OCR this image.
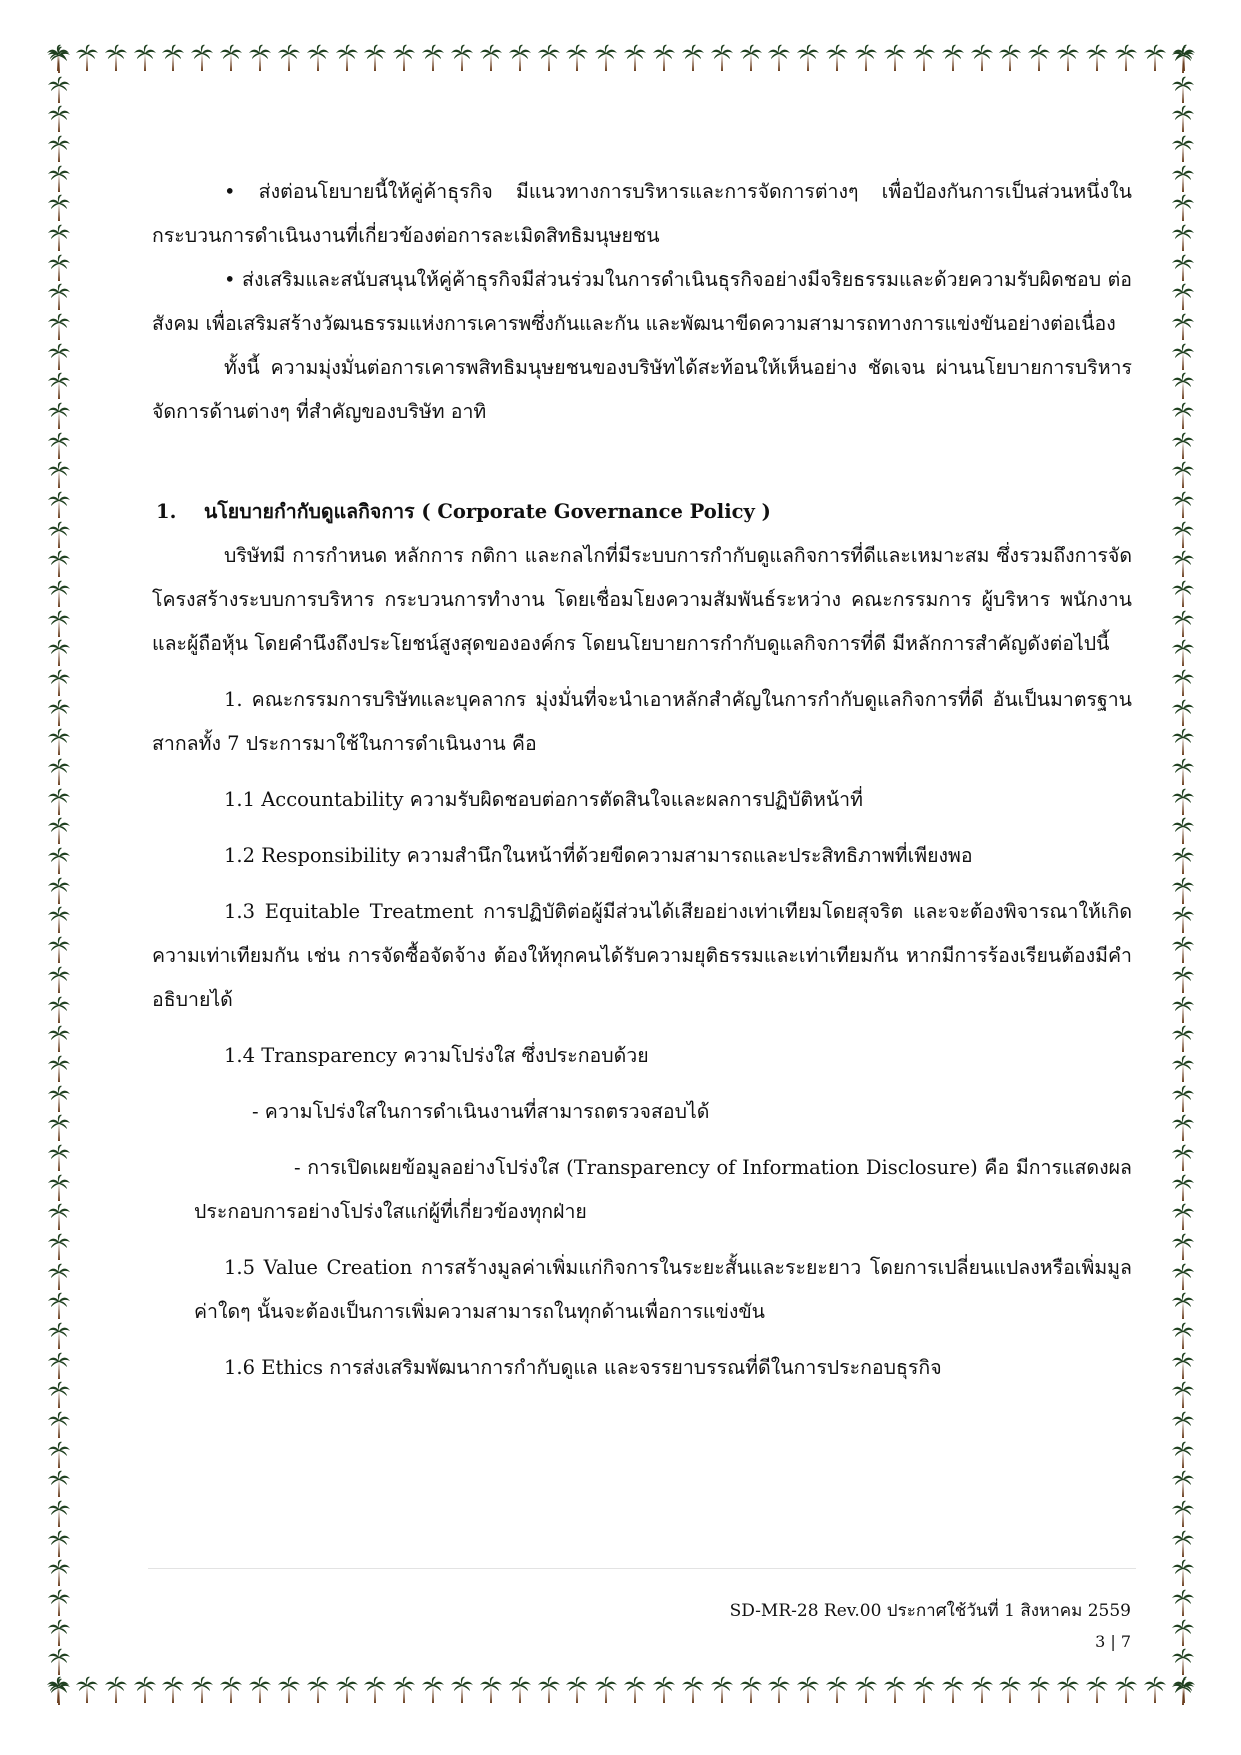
• ส่งต่อนโยบายนี้ให้คู่ค้าธุรกิจ มีแนวทางการบริหารและการจัดการต่างๆ เพื่อป้องกันการเป็นส่วนหนึ่งในกระบวนการดำเนินงานที่เกี่ยวข้องต่อการละเมิดสิทธิมนุษยชน

• ส่งเสริมและสนับสนุนให้คู่ค้าธุรกิจมีส่วนร่วมในการดำเนินธุรกิจอย่างมีจริยธรรมและด้วยความรับผิดชอบ ต่อสังคม เพื่อเสริมสร้างวัฒนธรรมแห่งการเคารพซึ่งกันและกัน และพัฒนาขีดความสามารถทางการแข่งขันอย่างต่อเนื่อง

ทั้งนี้ ความมุ่งมั่นต่อการเคารพสิทธิมนุษยชนของบริษัทได้สะท้อนให้เห็นอย่าง ชัดเจน ผ่านนโยบายการบริหารจัดการด้านต่างๆ ที่สำคัญของบริษัท อาทิ

1. นโยบายกำกับดูแลกิจการ ( Corporate Governance Policy )

บริษัทมี การกำหนด หลักการ กติกา และกลไกที่มีระบบการกำกับดูแลกิจการที่ดีและเหมาะสม ซึ่งรวมถึงการจัดโครงสร้างระบบการบริหาร กระบวนการทำงาน โดยเชื่อมโยงความสัมพันธ์ระหว่าง คณะกรรมการ ผู้บริหาร พนักงาน และผู้ถือหุ้น โดยคำนึงถึงประโยชน์สูงสุดขององค์กร โดยนโยบายการกำกับดูแลกิจการที่ดี มีหลักการสำคัญดังต่อไปนี้

1. คณะกรรมการบริษัทและบุคลากร มุ่งมั่นที่จะนำเอาหลักสำคัญในการกำกับดูแลกิจการที่ดี อันเป็นมาตรฐานสากลทั้ง 7 ประการมาใช้ในการดำเนินงาน คือ

1.1 Accountability ความรับผิดชอบต่อการตัดสินใจและผลการปฏิบัติหน้าที่

1.2 Responsibility ความสำนึกในหน้าที่ด้วยขีดความสามารถและประสิทธิภาพที่เพียงพอ

1.3 Equitable Treatment การปฏิบัติต่อผู้มีส่วนได้เสียอย่างเท่าเทียมโดยสุจริต และจะต้องพิจารณาให้เกิดความเท่าเทียมกัน เช่น การจัดซื้อจัดจ้าง ต้องให้ทุกคนได้รับความยุติธรรมและเท่าเทียมกัน หากมีการร้องเรียนต้องมีคำอธิบายได้

1.4 Transparency ความโปร่งใส ซึ่งประกอบด้วย

- ความโปร่งใสในการดำเนินงานที่สามารถตรวจสอบได้

- การเปิดเผยข้อมูลอย่างโปร่งใส (Transparency of Information Disclosure) คือ มีการแสดงผลประกอบการอย่างโปร่งใสแก่ผู้ที่เกี่ยวข้องทุกฝ่าย

1.5 Value Creation การสร้างมูลค่าเพิ่มแก่กิจการในระยะสั้นและระยะยาว โดยการเปลี่ยนแปลงหรือเพิ่มมูลค่าใดๆ นั้นจะต้องเป็นการเพิ่มความสามารถในทุกด้านเพื่อการแข่งขัน

1.6 Ethics การส่งเสริมพัฒนาการกำกับดูแล และจรรยาบรรณที่ดีในการประกอบธุรกิจ

SD-MR-28 Rev.00 ประกาศใช้วันที่ 1 สิงหาคม 2559
3 | 7
